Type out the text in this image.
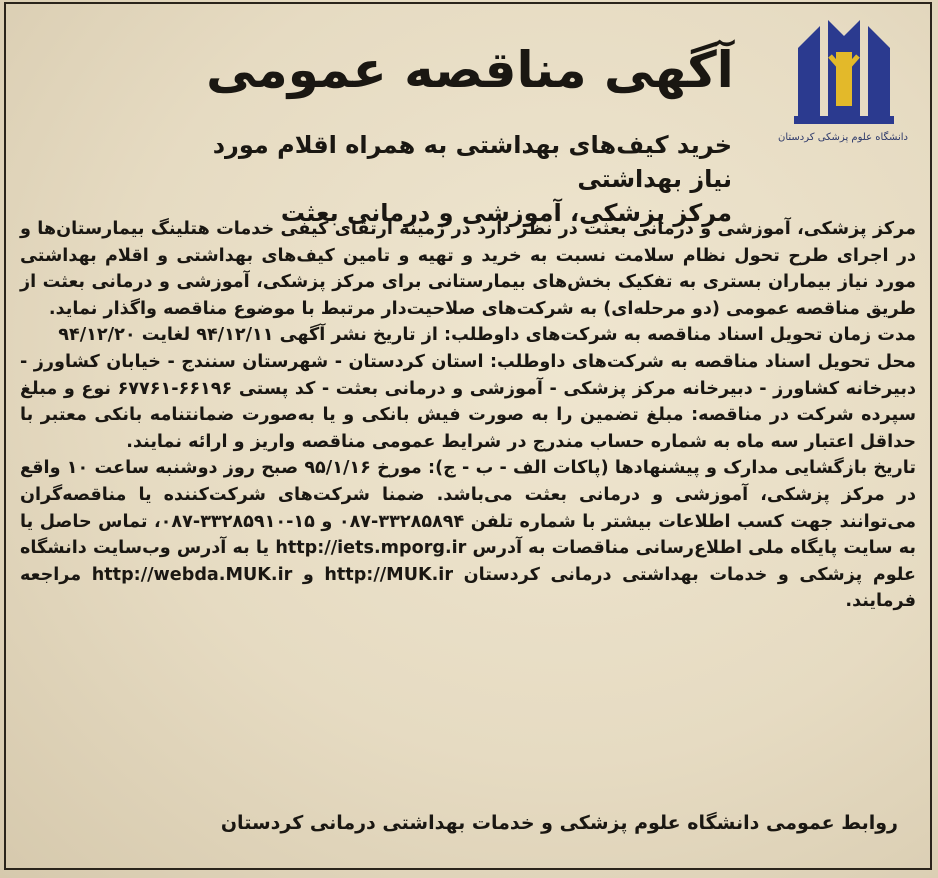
دانشگاه علوم پزشکی کردستان
آگهی مناقصه عمومی
خرید کیف‌های بهداشتی به همراه اقلام مورد نیاز بهداشتی
مرکز پزشکی، آموزشی و درمانی بعثت

مرکز پزشکی، آموزشی و درمانی بعثت در نظر دارد در زمینه ارتقای کیفی خدمات هتلینگ بیمارستان‌ها و در اجرای طرح تحول نظام سلامت نسبت به خرید و تهیه و تامین کیف‌های بهداشتی و اقلام بهداشتی مورد نیاز بیماران بستری به تفکیک بخش‌های بیمارستانی برای مرکز پزشکی، آموزشی و درمانی بعثت از طریق مناقصه عمومی (دو مرحله‌ای) به شرکت‌های صلاحیت‌دار مرتبط با موضوع مناقصه واگذار نماید.

مدت زمان تحویل اسناد مناقصه به شرکت‌های داوطلب: از تاریخ نشر آگهی ۹۴/۱۲/۱۱ لغایت ۹۴/۱۲/۲۰

محل تحویل اسناد مناقصه به شرکت‌های داوطلب: استان کردستان - شهرستان سنندج - خیابان کشاورز - دبیرخانه کشاورز - دبیرخانه مرکز پزشکی - آموزشی و درمانی بعثت - کد پستی ۶۶۱۹۶-۶۷۷۶۱ نوع و مبلغ سپرده شرکت در مناقصه: مبلغ تضمین را به صورت فیش بانکی و یا به‌صورت ضمانتنامه بانکی معتبر با حداقل اعتبار سه ماه به شماره حساب مندرج در شرایط عمومی مناقصه واریز و ارائه نمایند.

تاریخ بازگشایی مدارک و پیشنهادها (پاکات الف - ب - ج): مورخ ۹۵/۱/۱۶ صبح روز دوشنبه ساعت ۱۰ واقع در مرکز پزشکی، آموزشی و درمانی بعثت می‌باشد. ضمنا شرکت‌های شرکت‌کننده یا مناقصه‌گران می‌توانند جهت کسب اطلاعات بیشتر با شماره تلفن ۳۳۲۸۵۸۹۴-۰۸۷ و ۱۵-۳۳۲۸۵۹۱۰-۰۸۷، تماس حاصل یا به سایت پایگاه ملی اطلاع‌رسانی مناقصات به آدرس http://iets.mporg.ir یا به آدرس وب‌سایت دانشگاه علوم پزشکی و خدمات بهداشتی درمانی کردستان http://MUK.ir و http://webda.MUK.ir مراجعه فرمایند.

روابط عمومی دانشگاه علوم پزشکی و خدمات بهداشتی درمانی کردستان
